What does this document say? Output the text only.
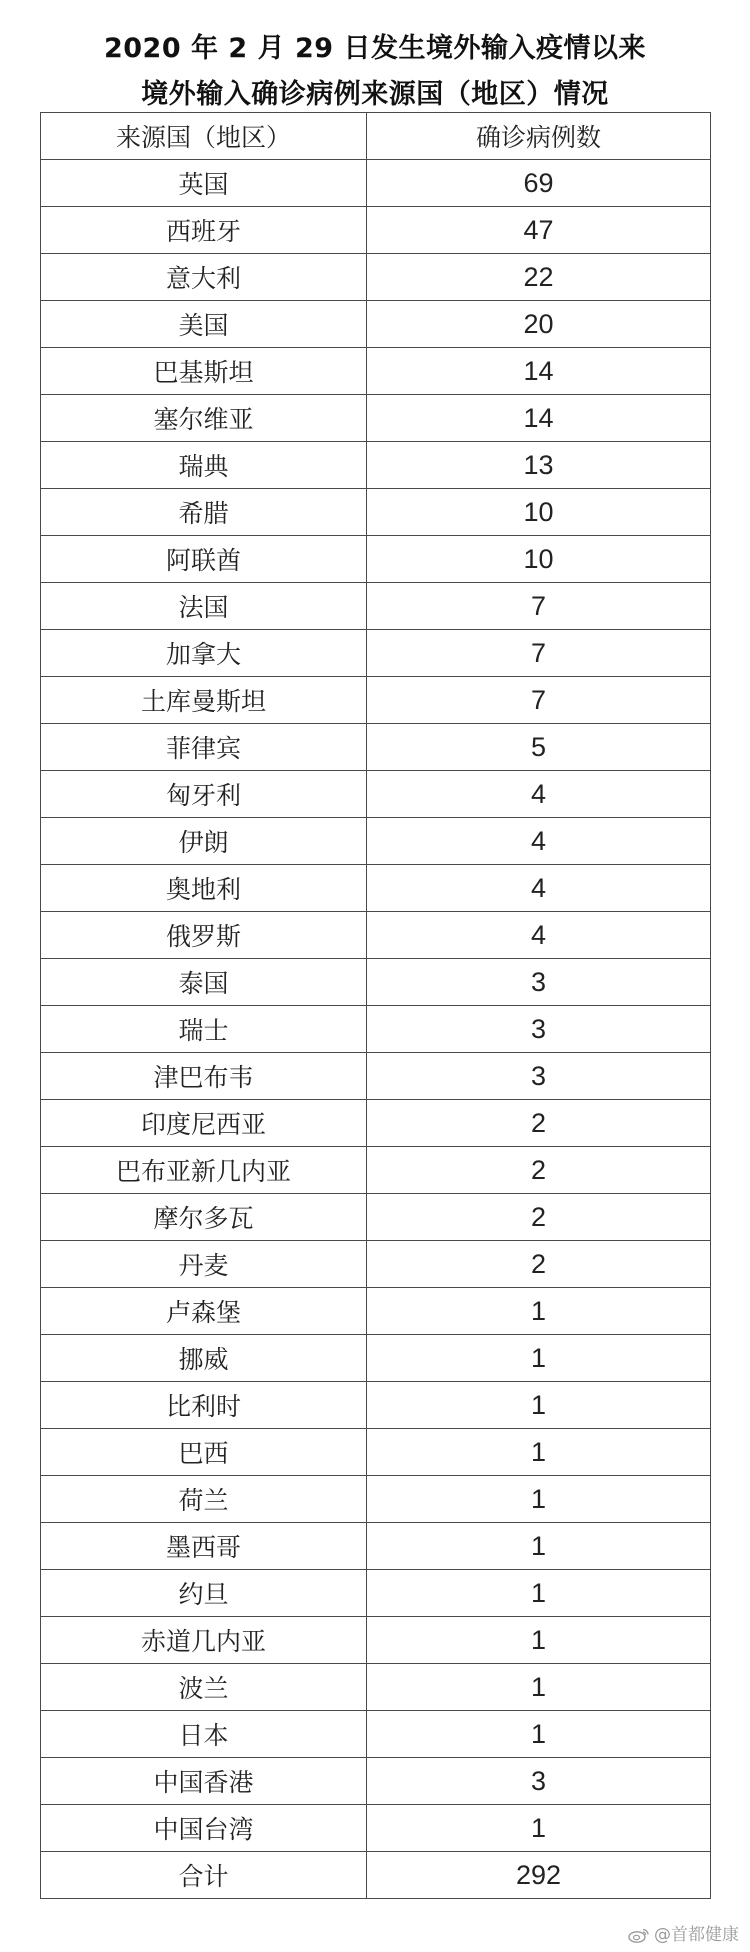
2020 年 2 月 29 日发生境外输入疫情以来
境外输入确诊病例来源国（地区）情况
来源国（地区）	确诊病例数
英国	69
西班牙	47
意大利	22
美国	20
巴基斯坦	14
塞尔维亚	14
瑞典	13
希腊	10
阿联酋	10
法国	7
加拿大	7
土库曼斯坦	7
菲律宾	5
匈牙利	4
伊朗	4
奥地利	4
俄罗斯	4
泰国	3
瑞士	3
津巴布韦	3
印度尼西亚	2
巴布亚新几内亚	2
摩尔多瓦	2
丹麦	2
卢森堡	1
挪威	1
比利时	1
巴西	1
荷兰	1
墨西哥	1
约旦	1
赤道几内亚	1
波兰	1
日本	1
中国香港	3
中国台湾	1
合计	292
@首都健康
